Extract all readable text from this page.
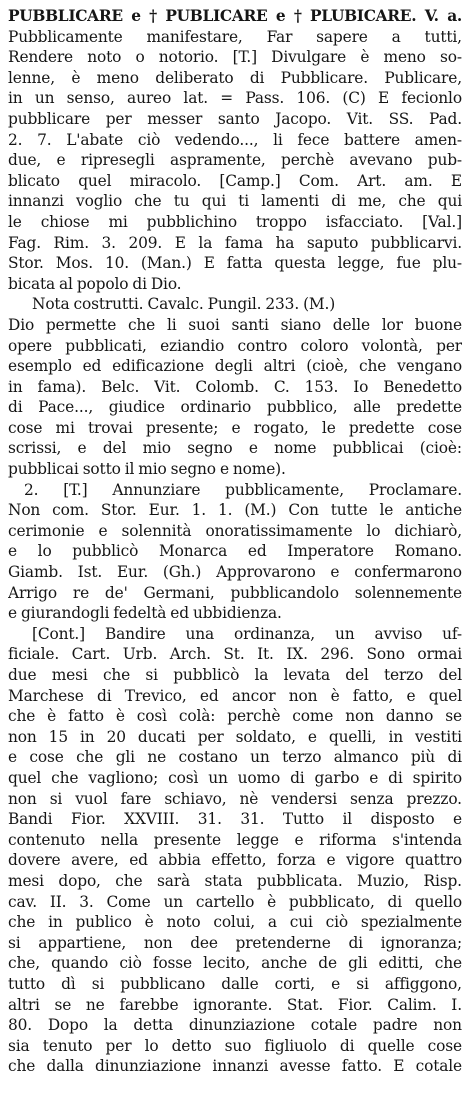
PUBBLICARE e † PUBLICARE e † PLUBICARE. V. a.
Pubblicamente manifestare, Far sapere a tutti,
Rendere noto o notorio. [T.] Divulgare è meno so-
lenne, è meno deliberato di Pubblicare. Publicare,
in un senso, aureo lat. = Pass. 106. (C) E fecionlo
pubblicare per messer santo Jacopo. Vit. SS. Pad.
2. 7. L'abate ciò vedendo..., li fece battere amen-
due, e ripresegli aspramente, perchè avevano pub-
blicato quel miracolo. [Camp.] Com. Art. am. E
innanzi voglio che tu qui ti lamenti di me, che qui
le chiose mi pubblichino troppo isfacciato. [Val.]
Fag. Rim. 3. 209. E la fama ha saputo pubblicarvi.
Stor. Mos. 10. (Man.) E fatta questa legge, fue plu-
bicata al popolo di Dio.
Nota costrutti. Cavalc. Pungil. 233. (M.)
Dio permette che li suoi santi siano delle lor buone
opere pubblicati, eziandio contro coloro volontà, per
esemplo ed edificazione degli altri (cioè, che vengano
in fama). Belc. Vit. Colomb. C. 153. Io Benedetto
di Pace..., giudice ordinario pubblico, alle predette
cose mi trovai presente; e rogato, le predette cose
scrissi, e del mio segno e nome pubblicai (cioè:
pubblicai sotto il mio segno e nome).
2. [T.] Annunziare pubblicamente, Proclamare.
Non com. Stor. Eur. 1. 1. (M.) Con tutte le antiche
cerimonie e solennità onoratissimamente lo dichiarò,
e lo pubblicò Monarca ed Imperatore Romano.
Giamb. Ist. Eur. (Gh.) Approvarono e confermarono
Arrigo re de' Germani, pubblicandolo solennemente
e giurandogli fedeltà ed ubbidienza.
[Cont.] Bandire una ordinanza, un avviso uf-
ficiale. Cart. Urb. Arch. St. It. IX. 296. Sono ormai
due mesi che si pubblicò la levata del terzo del
Marchese di Trevico, ed ancor non è fatto, e quel
che è fatto è così colà: perchè come non danno se
non 15 in 20 ducati per soldato, e quelli, in vestiti
e cose che gli ne costano un terzo almanco più di
quel che vagliono; così un uomo di garbo e di spirito
non si vuol fare schiavo, nè vendersi senza prezzo.
Bandi Fior. XXVIII. 31. 31. Tutto il disposto e
contenuto nella presente legge e riforma s'intenda
dovere avere, ed abbia effetto, forza e vigore quattro
mesi dopo, che sarà stata pubblicata. Muzio, Risp.
cav. II. 3. Come un cartello è pubblicato, di quello
che in publico è noto colui, a cui ciò spezialmente
si appartiene, non dee pretenderne di ignoranza;
che, quando ciò fosse lecito, anche de gli editti, che
tutto dì si pubblicano dalle corti, e si affiggono,
altri se ne farebbe ignorante. Stat. Fior. Calim. I.
80. Dopo la detta dinunziazione cotale padre non
sia tenuto per lo detto suo figliuolo di quelle cose
che dalla dinunziazione innanzi avesse fatto. E cotale
